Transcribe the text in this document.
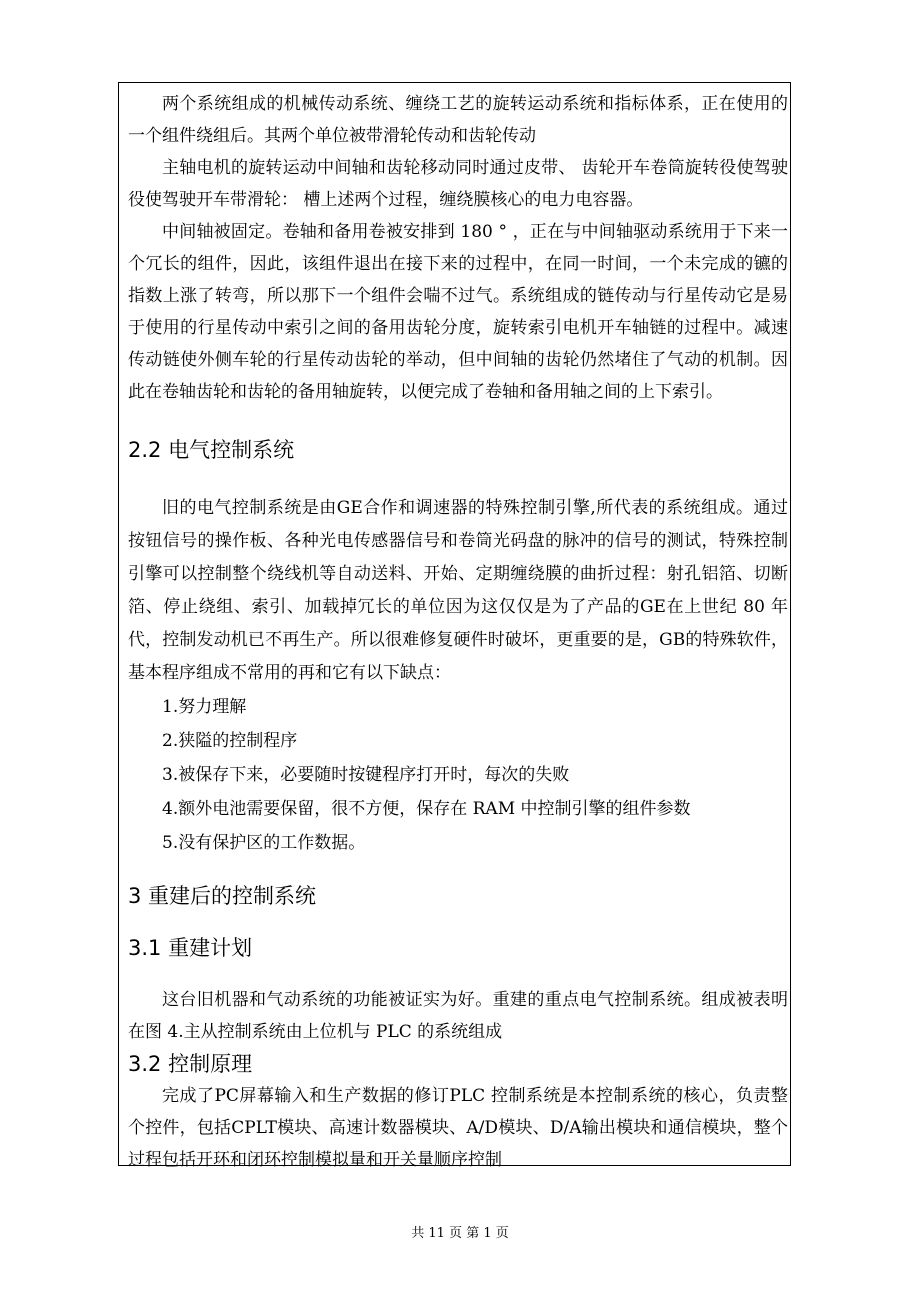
两个系统组成的机械传动系统、缠绕工艺的旋转运动系统和指标体系，正在使用的一个组件绕组后。其两个单位被带滑轮传动和齿轮传动

主轴电机的旋转运动中间轴和齿轮移动同时通过皮带、 齿轮开车卷筒旋转役使驾驶役使驾驶开车带滑轮： 槽上述两个过程，缠绕膜核心的电力电容器。

中间轴被固定。卷轴和备用卷被安排到 180 ° ，正在与中间轴驱动系统用于下来一个冗长的组件，因此，该组件退出在接下来的过程中，在同一时间，一个未完成的镳的指数上涨了转弯，所以那下一个组件会喘不过气。系统组成的链传动与行星传动它是易于使用的行星传动中索引之间的备用齿轮分度，旋转索引电机开车轴链的过程中。减速传动链使外侧车轮的行星传动齿轮的举动，但中间轴的齿轮仍然堵住了气动的机制。因此在卷轴齿轮和齿轮的备用轴旋转，以便完成了卷轴和备用轴之间的上下索引。

2.2 电气控制系统

旧的电气控制系统是由GE合作和调速器的特殊控制引擎,所代表的系统组成。通过按钮信号的操作板、各种光电传感器信号和卷筒光码盘的脉冲的信号的测试，特殊控制引擎可以控制整个绕线机等自动送料、开始、定期缠绕膜的曲折过程：射孔铝箔、切断箔、停止绕组、索引、加载掉冗长的单位因为这仅仅是为了产品的GE在上世纪 80 年代，控制发动机已不再生产。所以很难修复硬件时破坏，更重要的是，GB的特殊软件，基本程序组成不常用的再和它有以下缺点：

1.努力理解

2.狭隘的控制程序

3.被保存下来，必要随时按键程序打开时，每次的失败

4.额外电池需要保留，很不方便，保存在 RAM 中控制引擎的组件参数

5.没有保护区的工作数据。

3 重建后的控制系统
3.1 重建计划

这台旧机器和气动系统的功能被证实为好。重建的重点电气控制系统。组成被表明在图 4.主从控制系统由上位机与 PLC 的系统组成

3.2 控制原理

完成了PC屏幕输入和生产数据的修订PLC 控制系统是本控制系统的核心，负责整个控件，包括CPLT模块、高速计数器模块、A/D模块、D/A输出模块和通信模块，整个过程包括开环和闭环控制模拟量和开关量顺序控制

共 11 页 第 1 页
